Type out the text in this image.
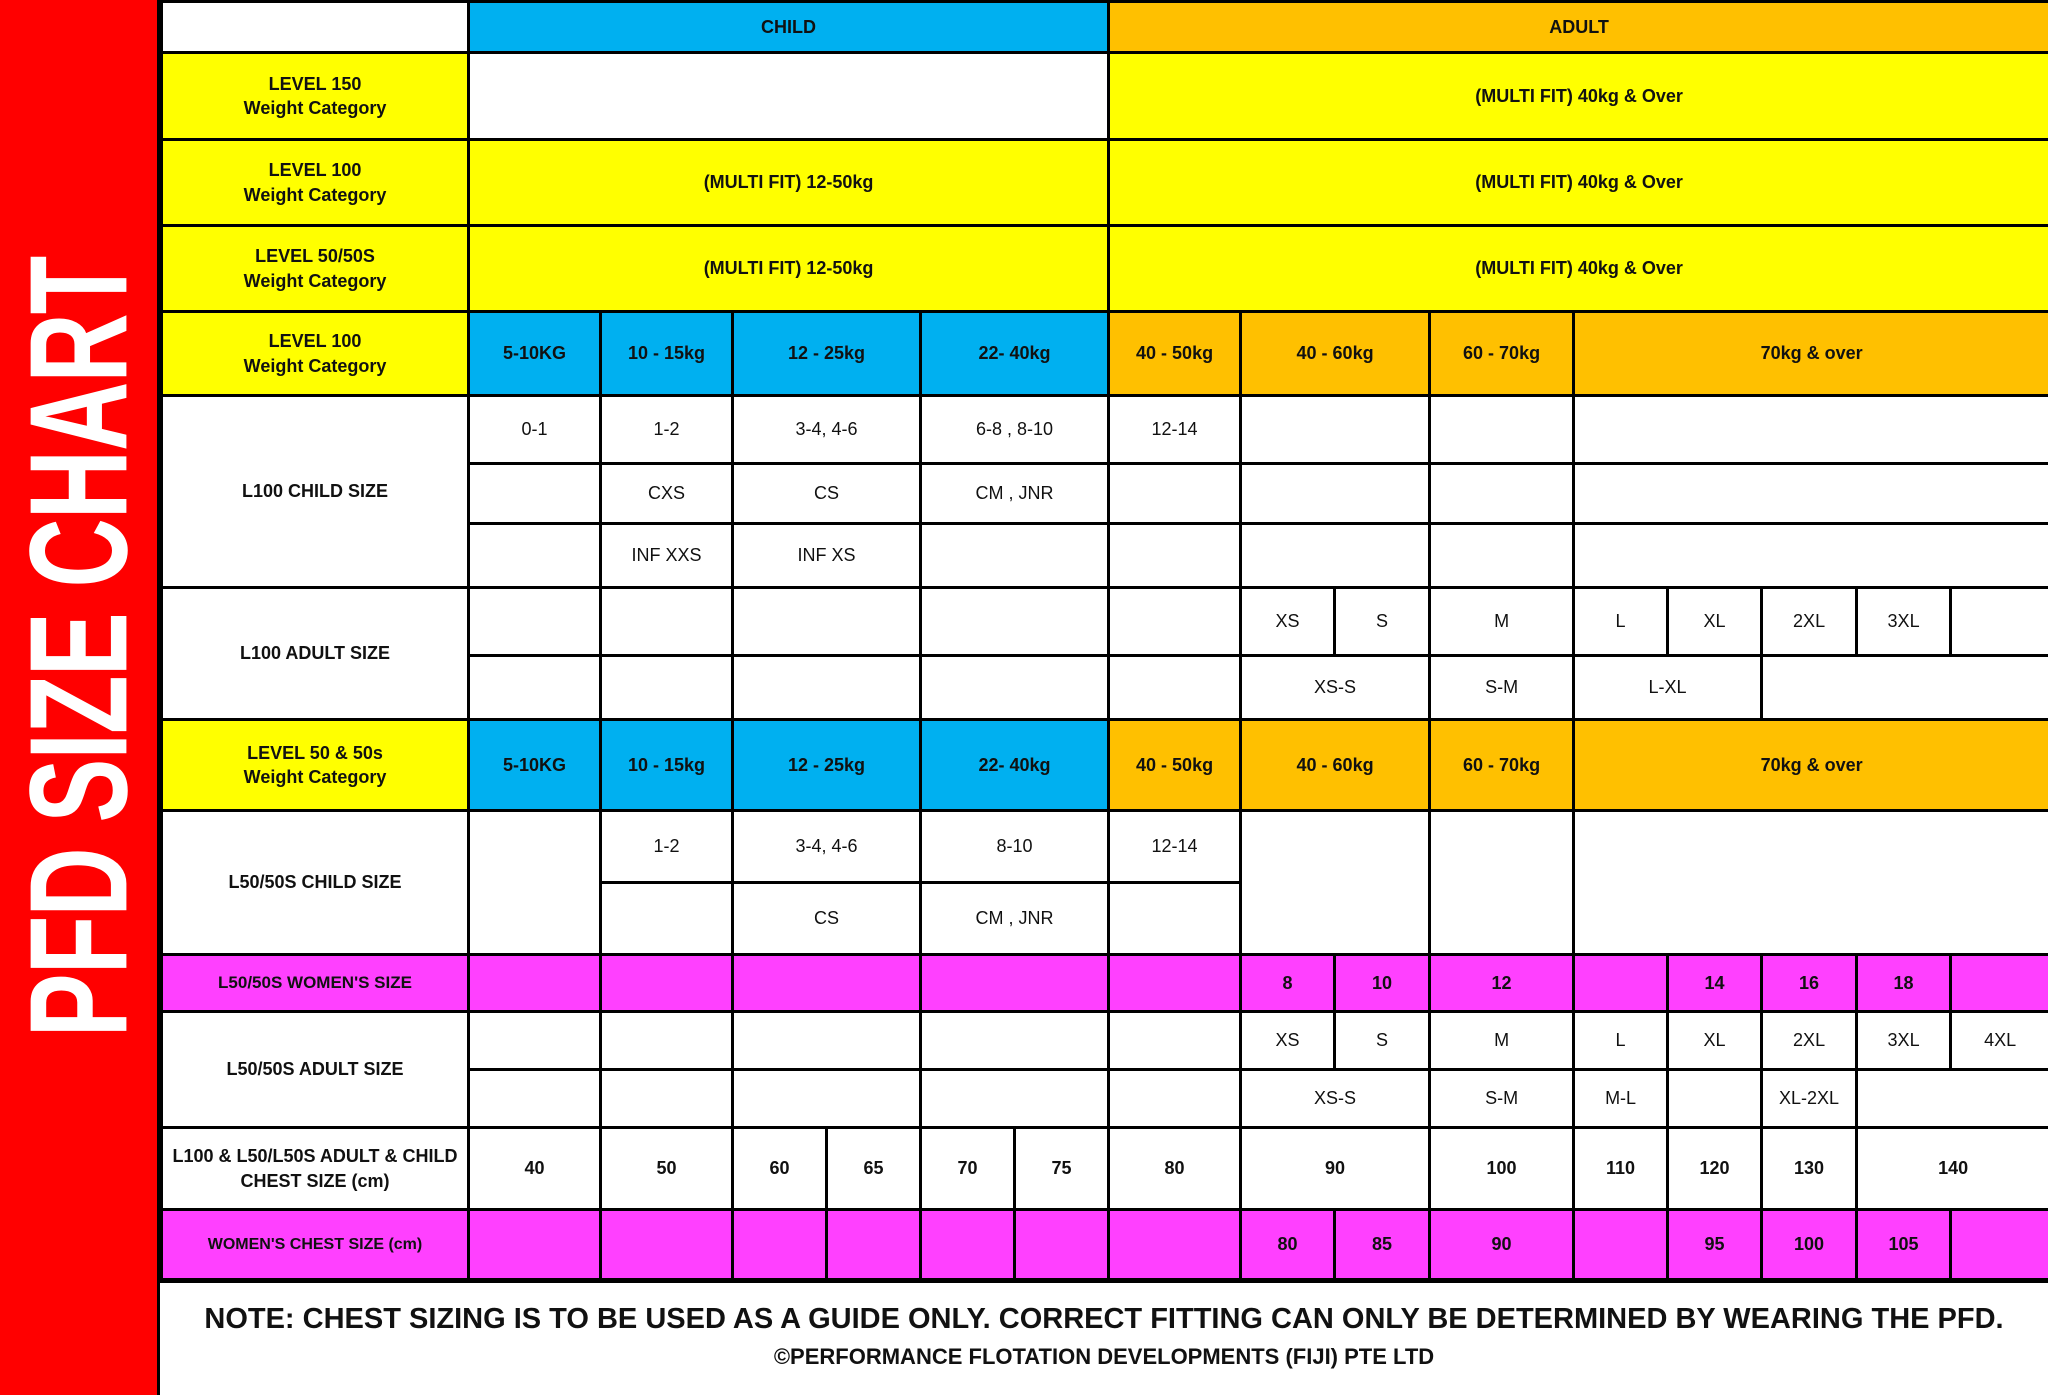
PFD SIZE CHART
	CHILD						ADULT								

LEVEL 150
Weight Category							(MULTI FIT) 40kg & Over								

LEVEL 100
Weight Category	(MULTI FIT) 12-50kg						(MULTI FIT) 40kg & Over								

LEVEL 50/50S
Weight Category	(MULTI FIT) 12-50kg						(MULTI FIT) 40kg & Over								

LEVEL 100
Weight Category	5-10KG	10 - 15kg	12 - 25kg		22- 40kg		40 - 50kg	40 - 60kg		60 - 70kg	70kg & over				
L100 CHILD SIZE	0-1	1-2	3-4, 4-6		6-8 , 8-10		12-14								
		CXS	CS		CM , JNR										
		INF XXS	INF XS												
L100 ADULT SIZE								XS	S	M	L	XL	2XL	3XL	
								XS-S		S-M	L-XL				

LEVEL 50 & 50s
Weight Category	5-10KG	10 - 15kg	12 - 25kg		22- 40kg		40 - 50kg	40 - 60kg		60 - 70kg	70kg & over				
L50/50S CHILD SIZE		1-2	3-4, 4-6		8-10		12-14								
			CS		CM , JNR										
L50/50S WOMEN'S SIZE								8	10	12		14	16	18	
L50/50S ADULT SIZE								XS	S	M	L	XL	2XL	3XL	4XL
								XS-S		S-M	M-L		XL-2XL		

L100 & L50/L50S ADULT & CHILD
CHEST SIZE (cm)	40	50	60	65	70	75	80	90		100	110	120	130	140	
WOMEN'S CHEST SIZE (cm)								80	85	90		95	100	105	
NOTE: CHEST SIZING IS TO BE USED AS A GUIDE ONLY. CORRECT FITTING CAN ONLY BE DETERMINED BY WEARING THE PFD.
©PERFORMANCE FLOTATION DEVELOPMENTS (FIJI) PTE LTD
